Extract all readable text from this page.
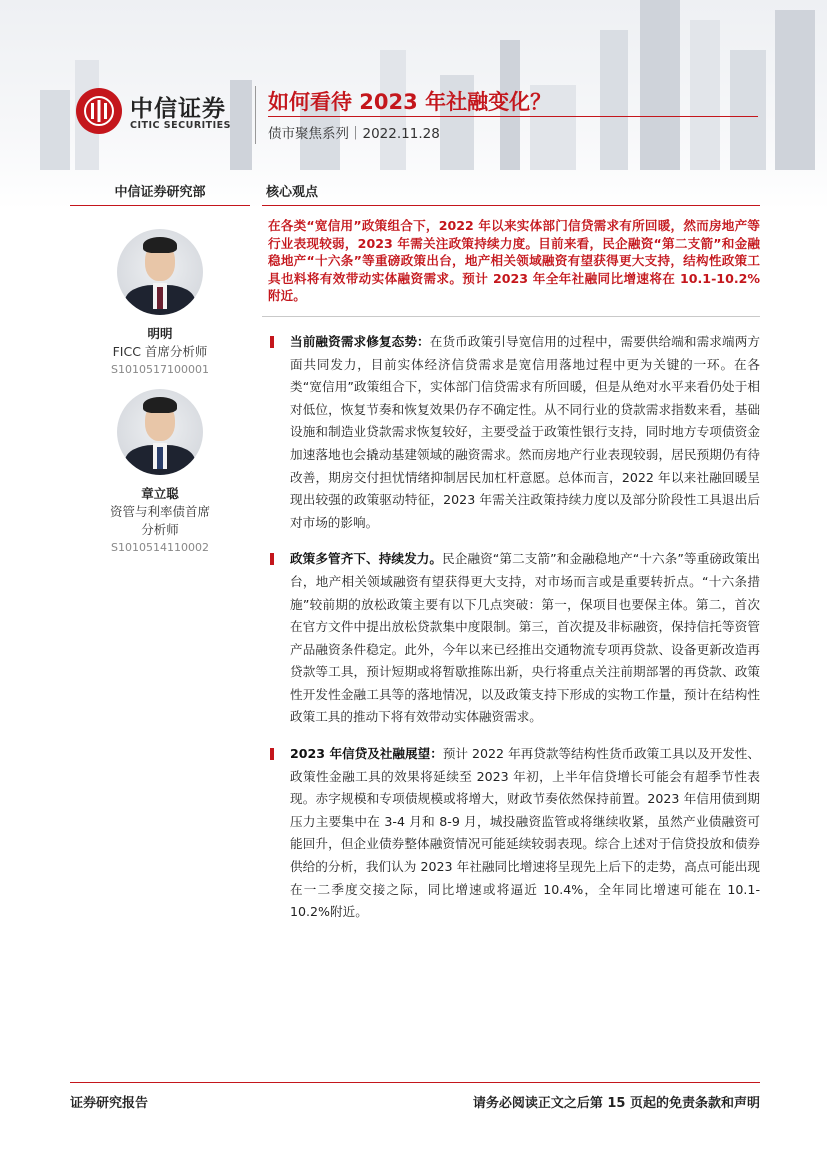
中信证券
CITIC SECURITIES
如何看待 2023 年社融变化？
债市聚焦系列｜2022.11.28
中信证券研究部
明明
FICC 首席分析师
S1010517100001
章立聪
资管与利率债首席
分析师
S1010514110002
核心观点
在各类“宽信用”政策组合下，2022 年以来实体部门信贷需求有所回暖，然而房地产等行业表现较弱，2023 年需关注政策持续力度。目前来看，民企融资“第二支箭”和金融稳地产“十六条”等重磅政策出台，地产相关领域融资有望获得更大支持，结构性政策工具也料将有效带动实体融资需求。预计 2023 年全年社融同比增速将在 10.1-10.2%附近。
当前融资需求修复态势：在货币政策引导宽信用的过程中，需要供给端和需求端两方面共同发力，目前实体经济信贷需求是宽信用落地过程中更为关键的一环。在各类“宽信用”政策组合下，实体部门信贷需求有所回暖，但是从绝对水平来看仍处于相对低位，恢复节奏和恢复效果仍存不确定性。从不同行业的贷款需求指数来看，基础设施和制造业贷款需求恢复较好，主要受益于政策性银行支持，同时地方专项债资金加速落地也会撬动基建领域的融资需求。然而房地产行业表现较弱，居民预期仍有待改善，期房交付担忧情绪抑制居民加杠杆意愿。总体而言，2022 年以来社融回暖呈现出较强的政策驱动特征，2023 年需关注政策持续力度以及部分阶段性工具退出后对市场的影响。
政策多管齐下、持续发力。民企融资“第二支箭”和金融稳地产“十六条”等重磅政策出台，地产相关领域融资有望获得更大支持，对市场而言或是重要转折点。“十六条措施”较前期的放松政策主要有以下几点突破：第一，保项目也要保主体。第二，首次在官方文件中提出放松贷款集中度限制。第三，首次提及非标融资，保持信托等资管产品融资条件稳定。此外，今年以来已经推出交通物流专项再贷款、设备更新改造再贷款等工具，预计短期或将暂歇推陈出新，央行将重点关注前期部署的再贷款、政策性开发性金融工具等的落地情况，以及政策支持下形成的实物工作量，预计在结构性政策工具的推动下将有效带动实体融资需求。
2023 年信贷及社融展望：预计 2022 年再贷款等结构性货币政策工具以及开发性、政策性金融工具的效果将延续至 2023 年初，上半年信贷增长可能会有超季节性表现。赤字规模和专项债规模或将增大，财政节奏依然保持前置。2023 年信用债到期压力主要集中在 3-4 月和 8-9 月，城投融资监管或将继续收紧，虽然产业债融资可能回升，但企业债券整体融资情况可能延续较弱表现。综合上述对于信贷投放和债券供给的分析，我们认为 2023 年社融同比增速将呈现先上后下的走势，高点可能出现在一二季度交接之际，同比增速或将逼近 10.4%，全年同比增速可能在 10.1-10.2%附近。
证券研究报告	请务必阅读正文之后第 15 页起的免责条款和声明
